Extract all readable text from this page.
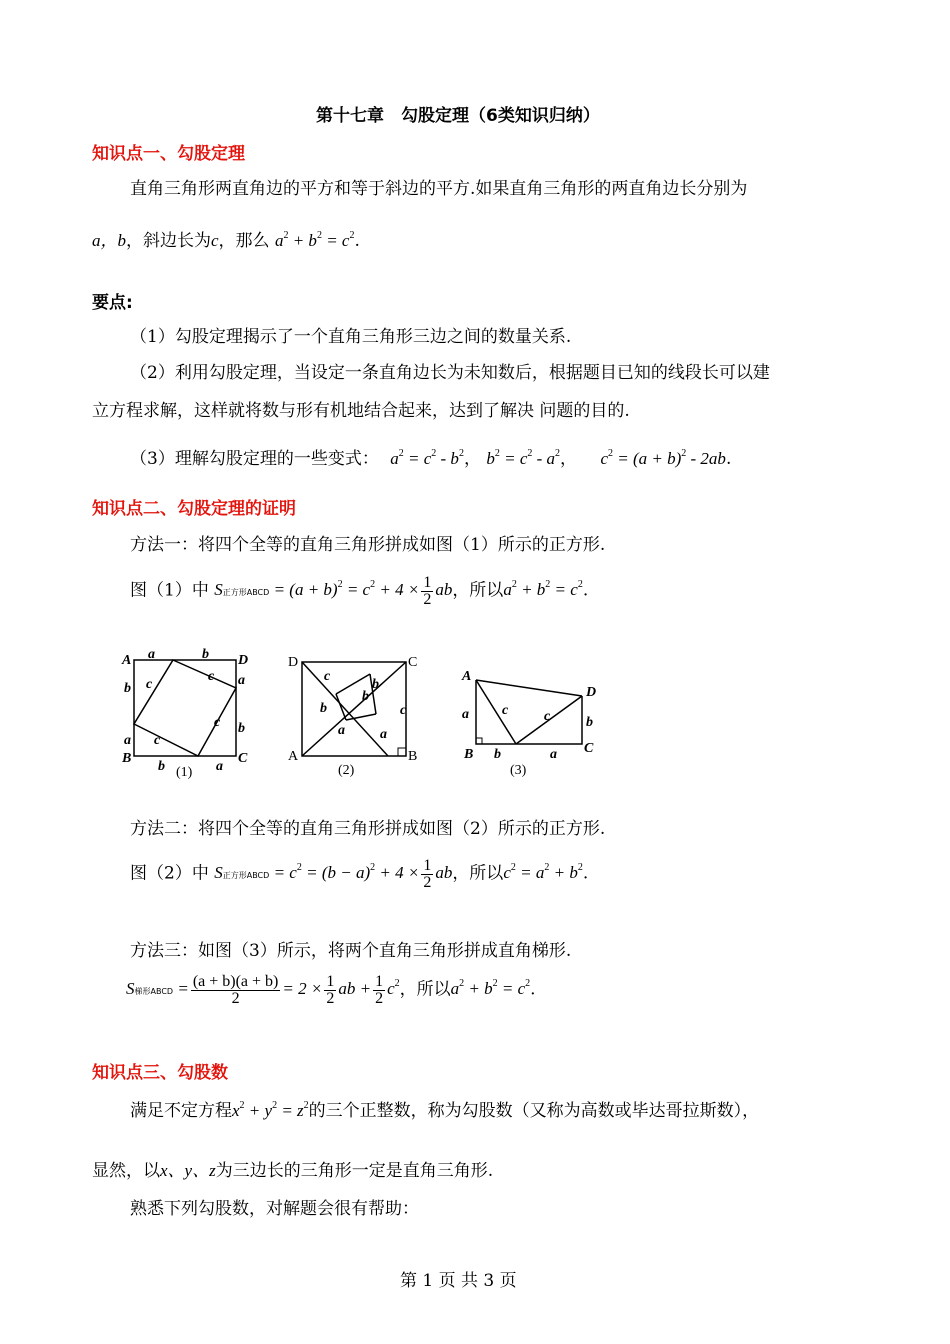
第十七章　勾股定理（6类知识归纳）
知识点一、勾股定理
直角三角形两直角边的平方和等于斜边的平方.如果直角三角形的两直角边长分别为
a，b，斜边长为c，那么 $a^2 + b^2 = c^2$.
要点:
（1）勾股定理揭示了一个直角三角形三边之间的数量关系.
（2）利用勾股定理，当设定一条直角边长为未知数后，根据题目已知的线段长可以建
立方程求解，这样就将数与形有机地结合起来，达到了解决 问题的目的.
（3）理解勾股定理的一些变式： $a^2 = c^2 - b^2$， $b^2 = c^2 - a^2$， $c^2 = (a + b)^2 - 2ab$.
知识点二、勾股定理的证明
方法一：将四个全等的直角三角形拼成如图（1）所示的正方形.
图（1）中 S正方形ABCD = $(a + b)^2 = c^2 + 4 \times \frac{1}{2}$ ab，所以$a^2 + b^2 = c^2$.
A	D
B	C
a	b
b
a
a
b
b	a
c
c
c
c
(1)
D	C
A	B
c
b
b
b
c
a	a
(2)
A
D
B	C
a c	c	b
b	a
(3)
方法二：将四个全等的直角三角形拼成如图（2）所示的正方形.
图（2）中 S正方形ABCD = $c^2 = (b - a)^2 + 4 \times \frac{1}{2}$ ab，所以$c^2 = a^2 + b^2$.
方法三：如图（3）所示，将两个直角三角形拼成直角梯形.
S梯形ABCD = $\frac{(a + b)(a + b)}{2} = 2 \times \frac{1}{2}$ ab + $\frac{1}{2} c^2$，所以$a^2 + b^2 = c^2$.
知识点三、勾股数
满足不定方程$x^2 + y^2 = z^2$的三个正整数，称为勾股数（又称为高数或毕达哥拉斯数），
显然，以x、y、z为三边长的三角形一定是直角三角形.
熟悉下列勾股数，对解题会很有帮助：
第 1 页 共 3 页
